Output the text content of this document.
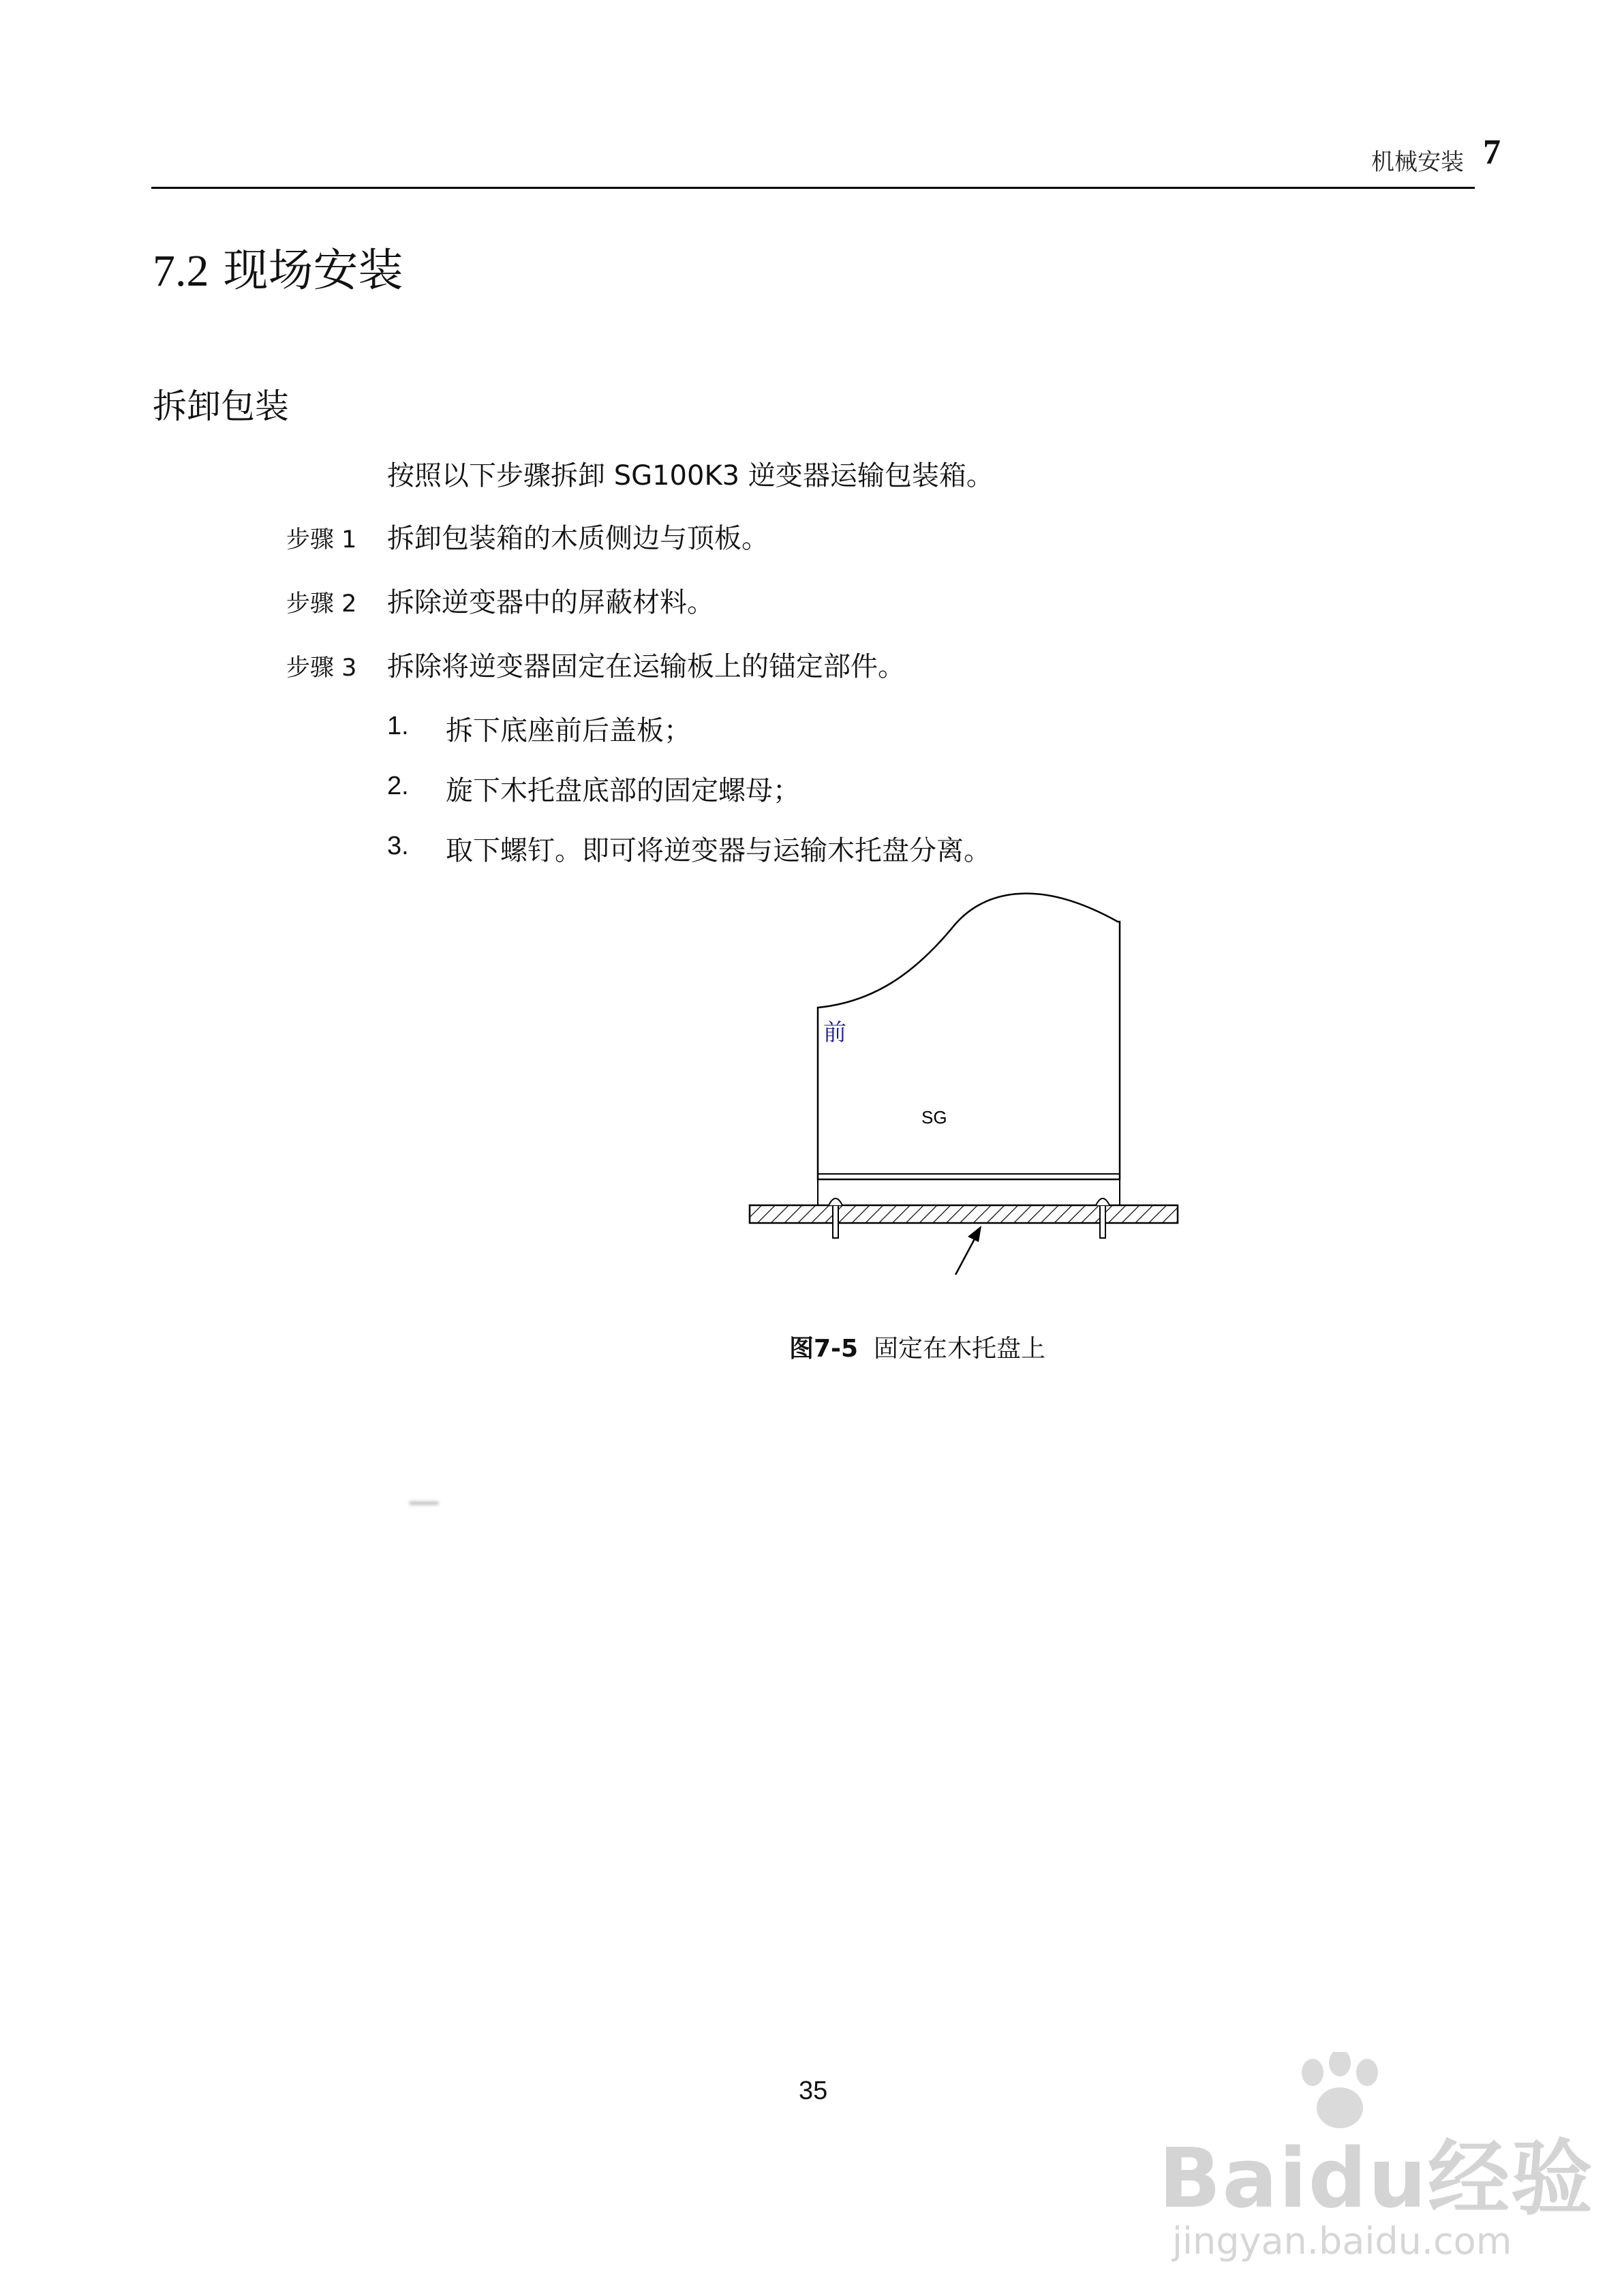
机械安装 7
7.2 现场安装
拆卸包装
按照以下步骤拆卸 SG100K3 逆变器运输包装箱。
步骤 1 拆卸包装箱的木质侧边与顶板。
步骤 2 拆除逆变器中的屏蔽材料。
步骤 3 拆除将逆变器固定在运输板上的锚定部件。
1. 拆下底座前后盖板；
2. 旋下木托盘底部的固定螺母；
3. 取下螺钉。即可将逆变器与运输木托盘分离。
前
SG
图7-5 固定在木托盘上
35
Baidu经验
jingyan.baidu.com
